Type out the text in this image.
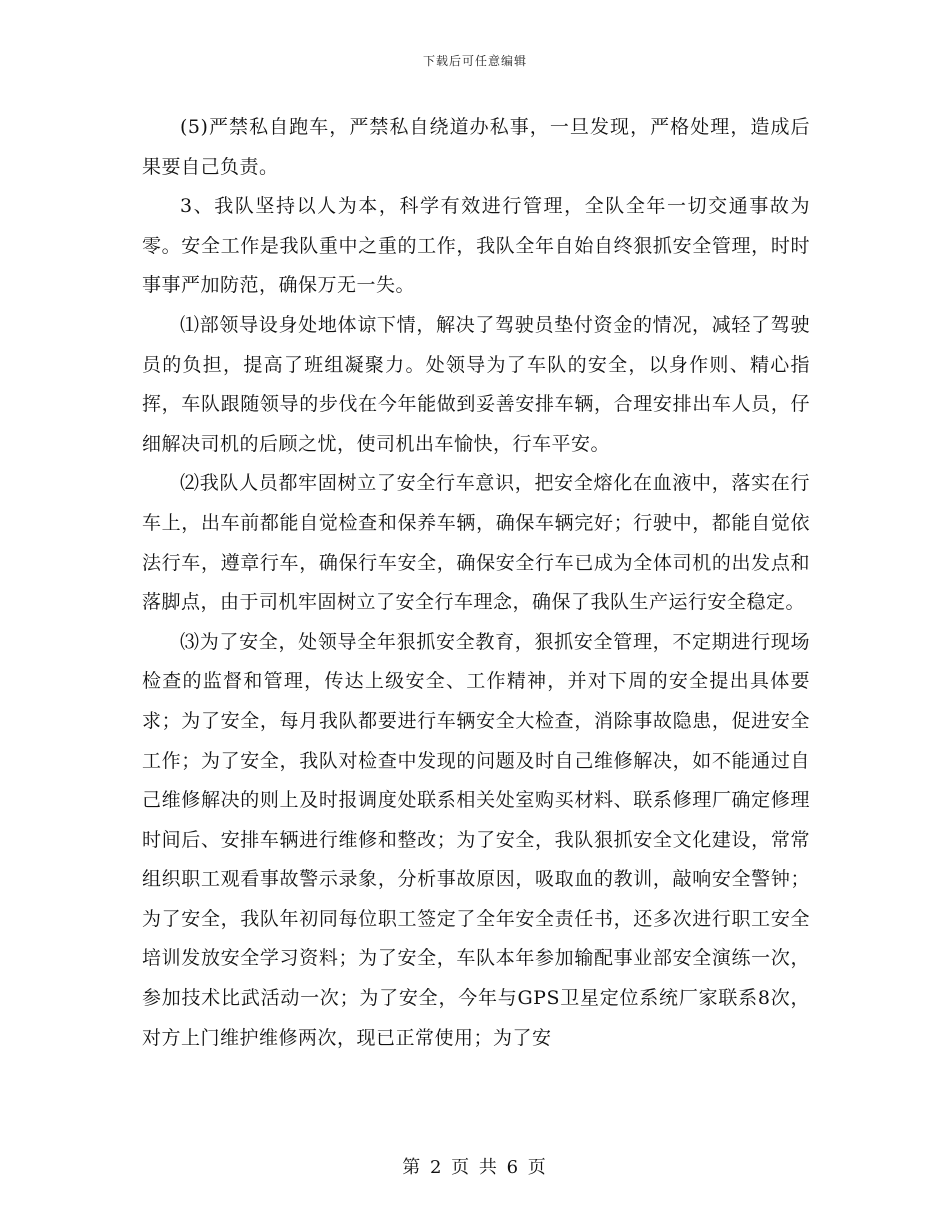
下载后可任意编辑

(5)严禁私自跑车，严禁私自绕道办私事，一旦发现，严格处理，造成后果要自己负责。

3、我队坚持以人为本，科学有效进行管理，全队全年一切交通事故为零。安全工作是我队重中之重的工作，我队全年自始自终狠抓安全管理，时时事事严加防范，确保万无一失。

⑴部领导设身处地体谅下情，解决了驾驶员垫付资金的情况，减轻了驾驶员的负担，提高了班组凝聚力。处领导为了车队的安全，以身作则、精心指挥，车队跟随领导的步伐在今年能做到妥善安排车辆，合理安排出车人员，仔细解决司机的后顾之忧，使司机出车愉快，行车平安。

⑵我队人员都牢固树立了安全行车意识，把安全熔化在血液中，落实在行车上，出车前都能自觉检查和保养车辆，确保车辆完好；行驶中，都能自觉依法行车，遵章行车，确保行车安全，确保安全行车已成为全体司机的出发点和落脚点，由于司机牢固树立了安全行车理念，确保了我队生产运行安全稳定。

⑶为了安全，处领导全年狠抓安全教育，狠抓安全管理，不定期进行现场检查的监督和管理，传达上级安全、工作精神，并对下周的安全提出具体要求；为了安全，每月我队都要进行车辆安全大检查，消除事故隐患，促进安全工作；为了安全，我队对检查中发现的问题及时自己维修解决，如不能通过自己维修解决的则上及时报调度处联系相关处室购买材料、联系修理厂确定修理时间后、安排车辆进行维修和整改；为了安全，我队狠抓安全文化建设，常常组织职工观看事故警示录象，分析事故原因，吸取血的教训，敲响安全警钟；为了安全，我队年初同每位职工签定了全年安全责任书，还多次进行职工安全培训发放安全学习资料；为了安全，车队本年参加输配事业部安全演练一次，参加技术比武活动一次；为了安全，今年与GPS卫星定位系统厂家联系8次，对方上门维护维修两次，现已正常使用；为了安

第 2 页 共 6 页
